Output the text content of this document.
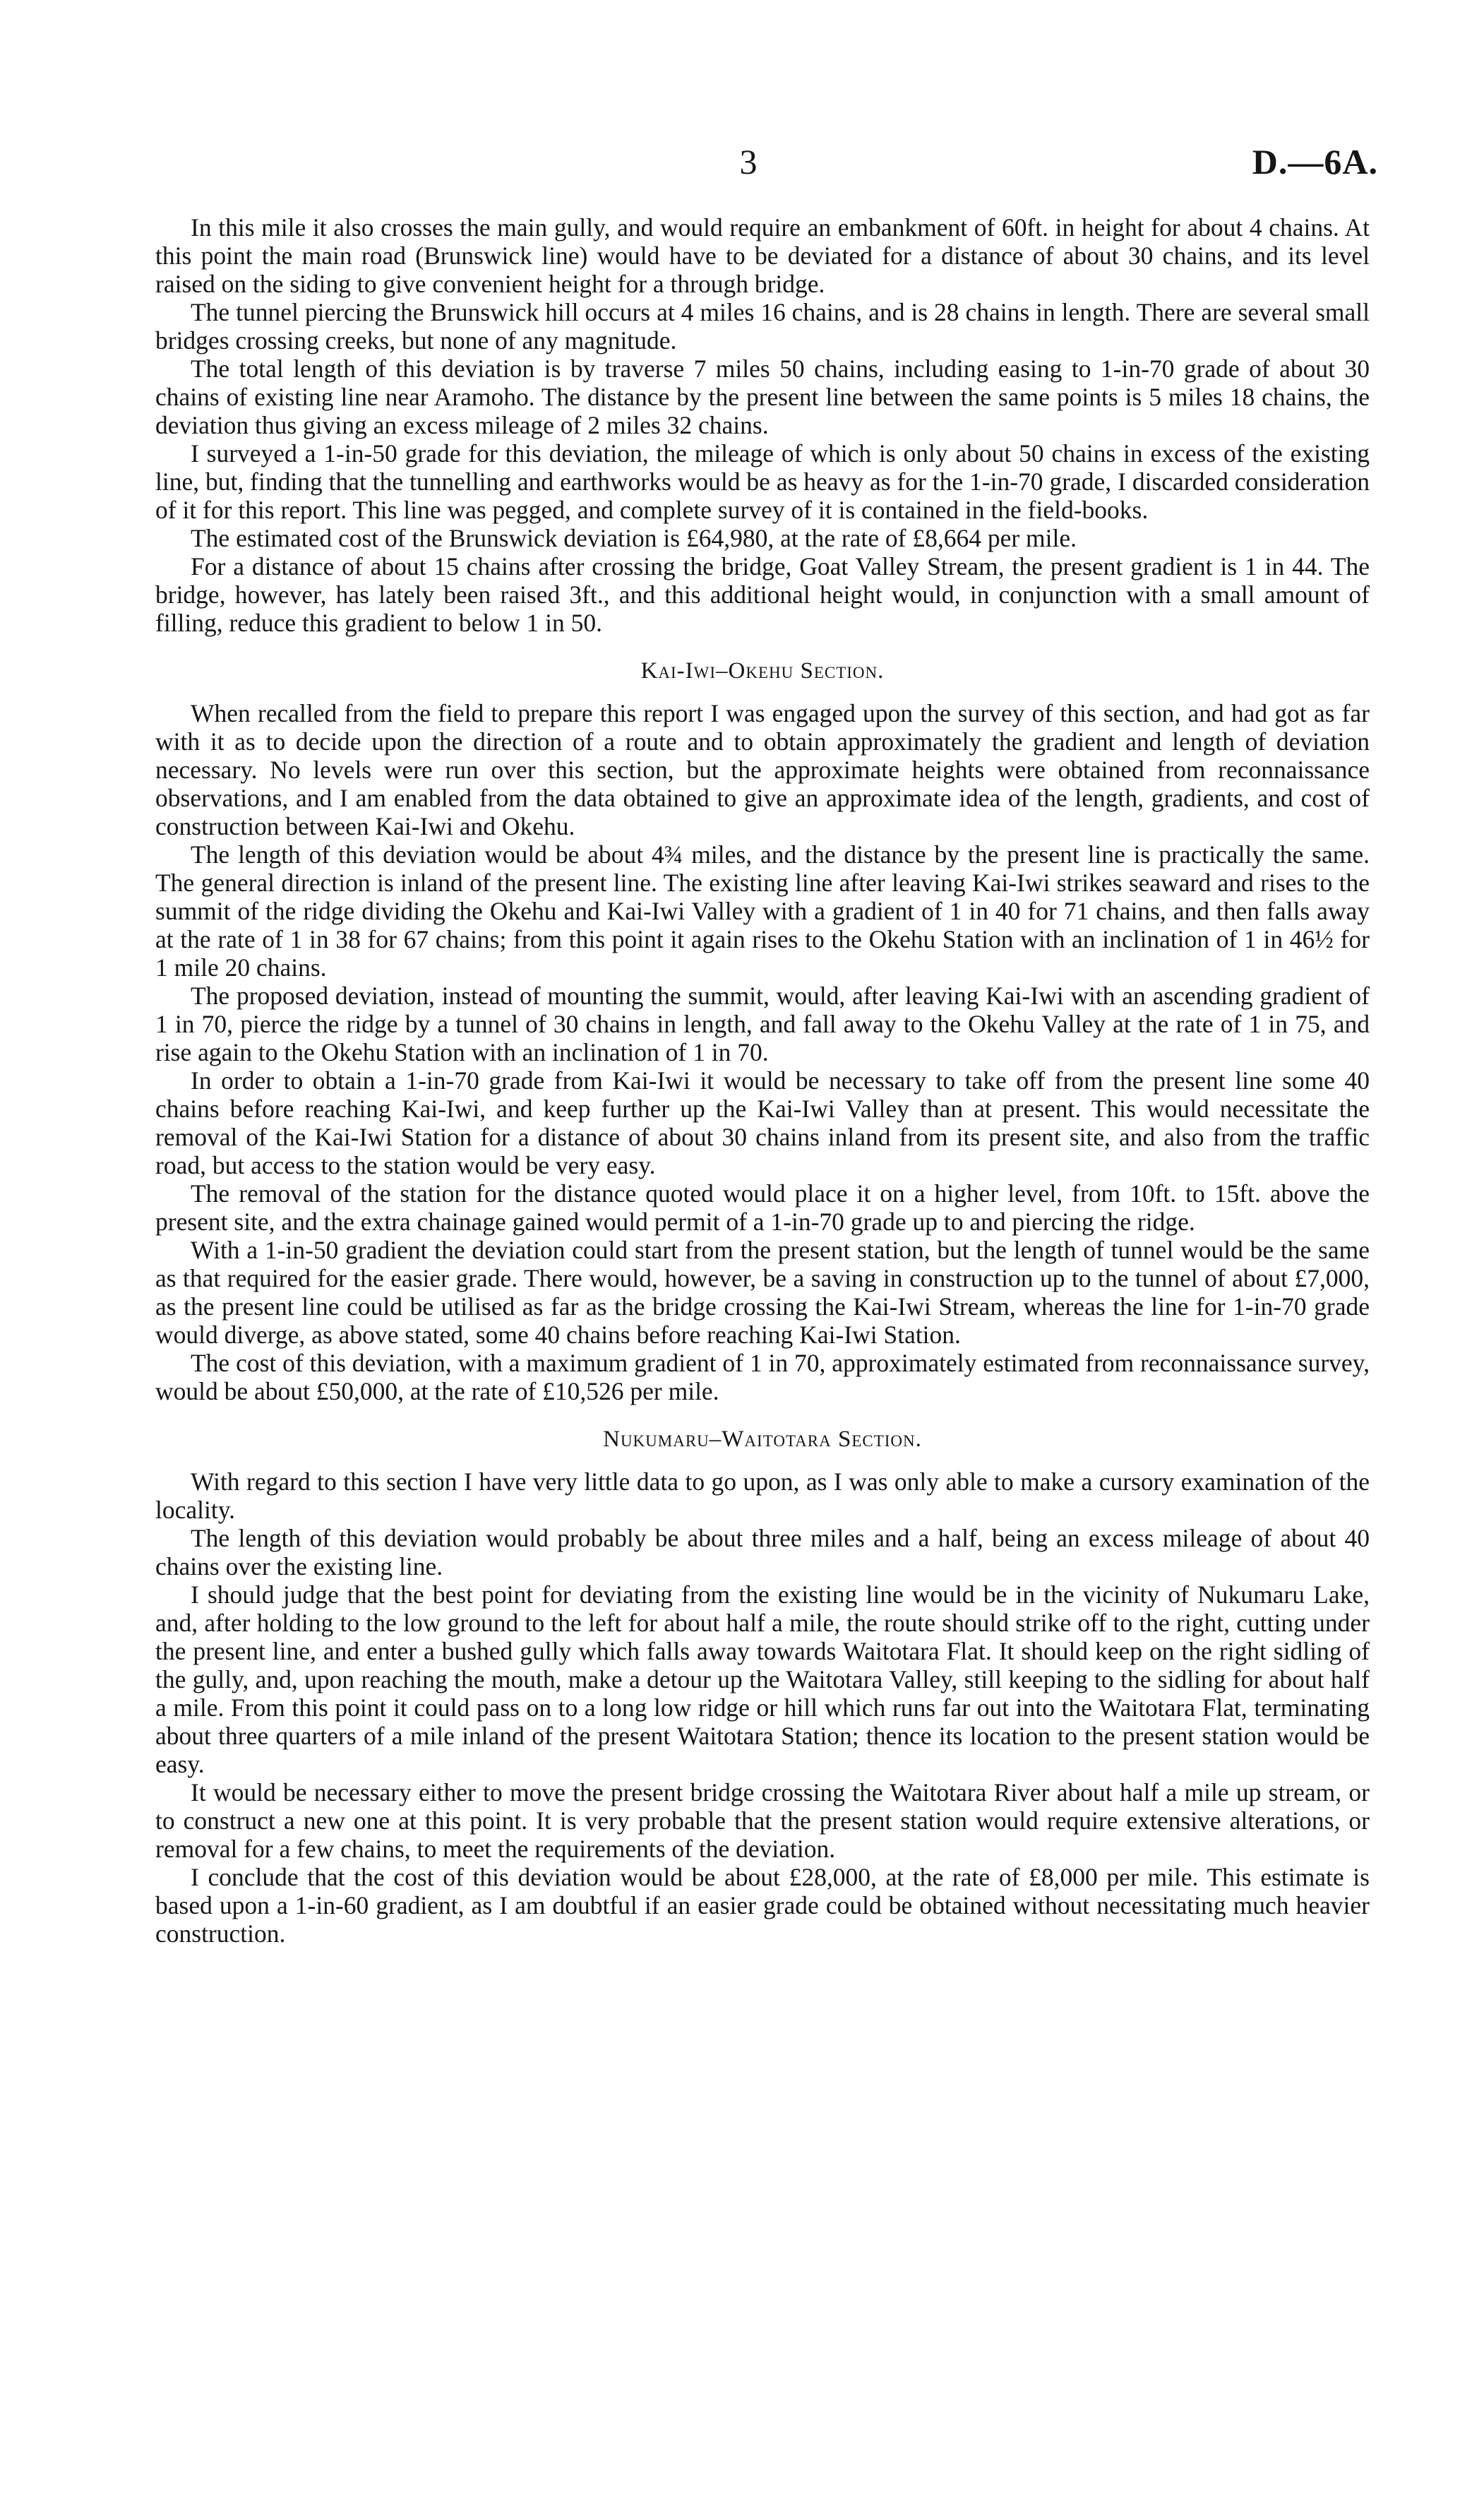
3	D.—6A.

In this mile it also crosses the main gully, and would require an embankment of 60ft. in height for about 4 chains. At this point the main road (Brunswick line) would have to be deviated for a distance of about 30 chains, and its level raised on the siding to give convenient height for a through bridge.

The tunnel piercing the Brunswick hill occurs at 4 miles 16 chains, and is 28 chains in length. There are several small bridges crossing creeks, but none of any magnitude.

The total length of this deviation is by traverse 7 miles 50 chains, including easing to 1-in-70 grade of about 30 chains of existing line near Aramoho. The distance by the present line between the same points is 5 miles 18 chains, the deviation thus giving an excess mileage of 2 miles 32 chains.

I surveyed a 1-in-50 grade for this deviation, the mileage of which is only about 50 chains in excess of the existing line, but, finding that the tunnelling and earthworks would be as heavy as for the 1-in-70 grade, I discarded consideration of it for this report. This line was pegged, and complete survey of it is contained in the field-books.

The estimated cost of the Brunswick deviation is £64,980, at the rate of £8,664 per mile.

For a distance of about 15 chains after crossing the bridge, Goat Valley Stream, the present gradient is 1 in 44. The bridge, however, has lately been raised 3ft., and this additional height would, in conjunction with a small amount of filling, reduce this gradient to below 1 in 50.

Kai-Iwi–Okehu Section.

When recalled from the field to prepare this report I was engaged upon the survey of this section, and had got as far with it as to decide upon the direction of a route and to obtain approximately the gradient and length of deviation necessary. No levels were run over this section, but the approximate heights were obtained from reconnaissance observations, and I am enabled from the data obtained to give an approximate idea of the length, gradients, and cost of construction between Kai-Iwi and Okehu.

The length of this deviation would be about 4¾ miles, and the distance by the present line is practically the same. The general direction is inland of the present line. The existing line after leaving Kai-Iwi strikes seaward and rises to the summit of the ridge dividing the Okehu and Kai-Iwi Valley with a gradient of 1 in 40 for 71 chains, and then falls away at the rate of 1 in 38 for 67 chains; from this point it again rises to the Okehu Station with an inclination of 1 in 46½ for 1 mile 20 chains.

The proposed deviation, instead of mounting the summit, would, after leaving Kai-Iwi with an ascending gradient of 1 in 70, pierce the ridge by a tunnel of 30 chains in length, and fall away to the Okehu Valley at the rate of 1 in 75, and rise again to the Okehu Station with an inclination of 1 in 70.

In order to obtain a 1-in-70 grade from Kai-Iwi it would be necessary to take off from the present line some 40 chains before reaching Kai-Iwi, and keep further up the Kai-Iwi Valley than at present. This would necessitate the removal of the Kai-Iwi Station for a distance of about 30 chains inland from its present site, and also from the traffic road, but access to the station would be very easy.

The removal of the station for the distance quoted would place it on a higher level, from 10ft. to 15ft. above the present site, and the extra chainage gained would permit of a 1-in-70 grade up to and piercing the ridge.

With a 1-in-50 gradient the deviation could start from the present station, but the length of tunnel would be the same as that required for the easier grade. There would, however, be a saving in construction up to the tunnel of about £7,000, as the present line could be utilised as far as the bridge crossing the Kai-Iwi Stream, whereas the line for 1-in-70 grade would diverge, as above stated, some 40 chains before reaching Kai-Iwi Station.

The cost of this deviation, with a maximum gradient of 1 in 70, approximately estimated from reconnaissance survey, would be about £50,000, at the rate of £10,526 per mile.

Nukumaru–Waitotara Section.

With regard to this section I have very little data to go upon, as I was only able to make a cursory examination of the locality.

The length of this deviation would probably be about three miles and a half, being an excess mileage of about 40 chains over the existing line.

I should judge that the best point for deviating from the existing line would be in the vicinity of Nukumaru Lake, and, after holding to the low ground to the left for about half a mile, the route should strike off to the right, cutting under the present line, and enter a bushed gully which falls away towards Waitotara Flat. It should keep on the right sidling of the gully, and, upon reaching the mouth, make a detour up the Waitotara Valley, still keeping to the sidling for about half a mile. From this point it could pass on to a long low ridge or hill which runs far out into the Waitotara Flat, terminating about three quarters of a mile inland of the present Waitotara Station; thence its location to the present station would be easy.

It would be necessary either to move the present bridge crossing the Waitotara River about half a mile up stream, or to construct a new one at this point. It is very probable that the present station would require extensive alterations, or removal for a few chains, to meet the requirements of the deviation.

I conclude that the cost of this deviation would be about £28,000, at the rate of £8,000 per mile. This estimate is based upon a 1-in-60 gradient, as I am doubtful if an easier grade could be obtained without necessitating much heavier construction.
